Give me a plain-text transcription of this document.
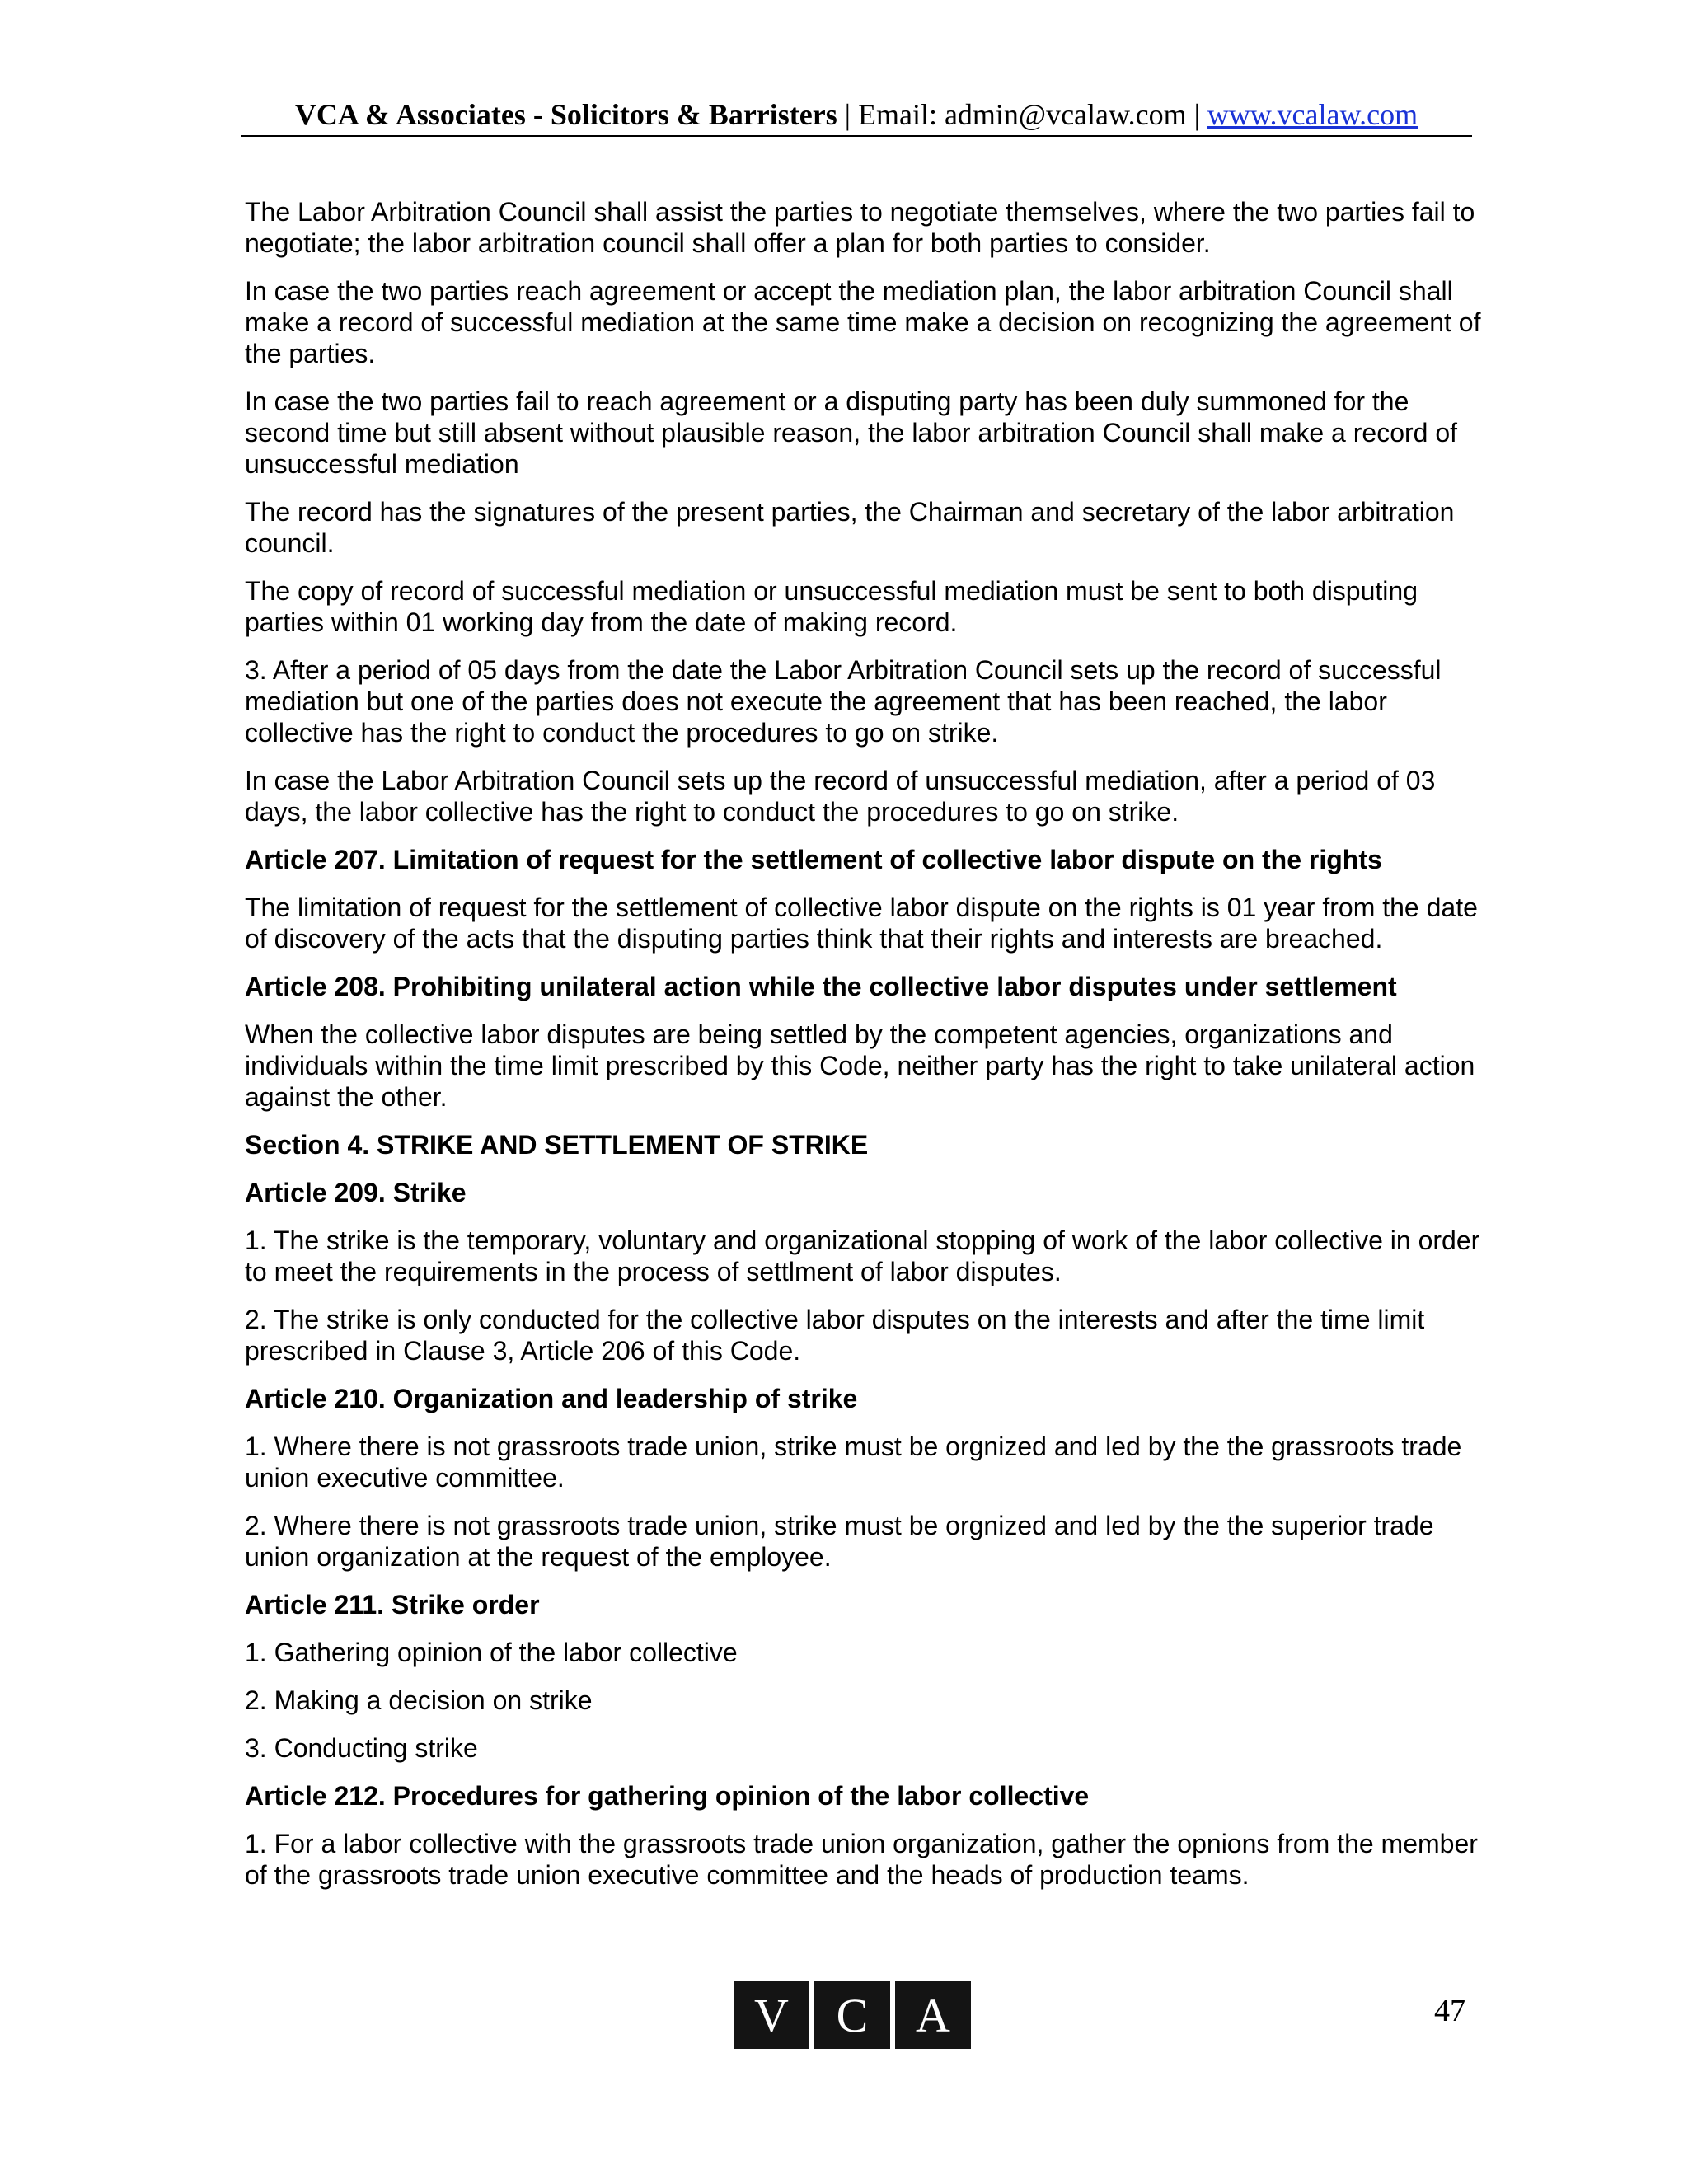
VCA & Associates - Solicitors & Barristers | Email: admin@vcalaw.com | www.vcalaw.com

The Labor Arbitration Council shall assist the parties to negotiate themselves, where the two parties fail to negotiate; the labor arbitration council shall offer a plan for both parties to consider.

In case the two parties reach agreement or accept the mediation plan, the labor arbitration Council shall make a record of successful mediation at the same time make a decision on recognizing the agreement of the parties.

In case the two parties fail to reach agreement or a disputing party has been duly summoned for the second time but still absent without plausible reason, the labor arbitration Council shall make a record of unsuccessful mediation

The record has the signatures of the present parties, the Chairman and secretary of the labor arbitration council.

The copy of record of successful mediation or unsuccessful mediation must be sent to both disputing parties within 01 working day from the date of making record.

3. After a period of 05 days from the date the Labor Arbitration Council sets up the record of successful mediation but one of the parties does not execute the agreement that has been reached, the labor collective has the right to conduct the procedures to go on strike.

In case the Labor Arbitration Council sets up the record of unsuccessful mediation, after a period of 03 days, the labor collective has the right to conduct the procedures to go on strike.

Article 207. Limitation of request for the settlement of collective labor dispute on the rights

The limitation of request for the settlement of collective labor dispute on the rights is 01 year from the date of discovery of the acts that the disputing parties think that their rights and interests are breached.

Article 208. Prohibiting unilateral action while the collective labor disputes under settlement

When the collective labor disputes are being settled by the competent agencies, organizations and individuals within the time limit prescribed by this Code, neither party has the right to take unilateral action against the other.

Section 4. STRIKE AND SETTLEMENT OF STRIKE

Article 209. Strike

1. The strike is the temporary, voluntary and organizational stopping of work of the labor collective in order to meet the requirements in the process of settlment of labor disputes.

2. The strike is only conducted for the collective labor disputes on the interests and after the time limit prescribed in Clause 3, Article 206 of this Code.

Article 210. Organization and leadership of strike

1. Where there is not grassroots trade union, strike must be orgnized and led by the the grassroots trade union executive committee.

2. Where there is not grassroots trade union, strike must be orgnized and led by the the superior trade union organization at the request of the employee.

Article 211. Strike order

1. Gathering opinion of the labor collective

2. Making a decision on strike

3. Conducting strike

Article 212. Procedures for gathering opinion of the labor collective

1. For a labor collective with the grassroots trade union organization, gather the opnions from the member of the grassroots trade union executive committee and the heads of production teams.

V C A	47
